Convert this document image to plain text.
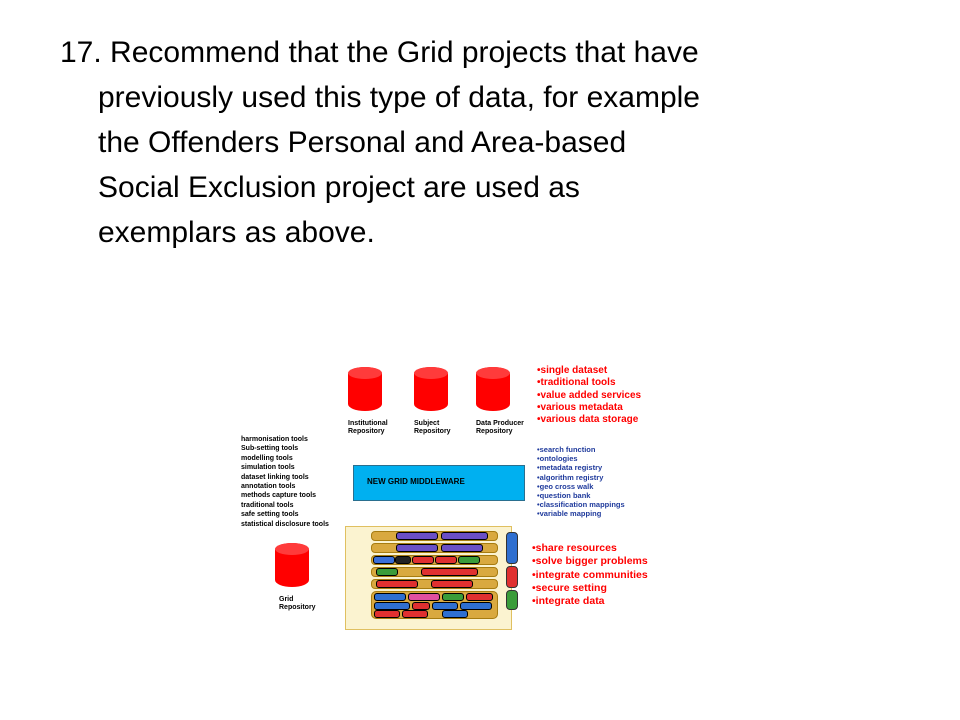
17. Recommend that the Grid projects that have
previously used this type of data, for example
the Offenders Personal and Area-based
Social Exclusion project are used as
exemplars as above.

Institutional
Repository
Subject
Repository
Data Producer
Repository
harmonisation tools
Sub-setting tools
modelling tools
simulation tools
dataset linking tools
annotation tools
methods capture tools
traditional tools
safe setting tools
statistical disclosure tools
NEW GRID MIDDLEWARE
Grid
Repository
•single dataset
•traditional tools
•value added services
•various metadata
•various data storage
•search function
•ontologies
•metadata registry
•algorithm registry
•geo cross walk
•question bank
•classification mappings
•variable mapping
•share resources
•solve bigger problems
•integrate communities
•secure setting
•integrate data
